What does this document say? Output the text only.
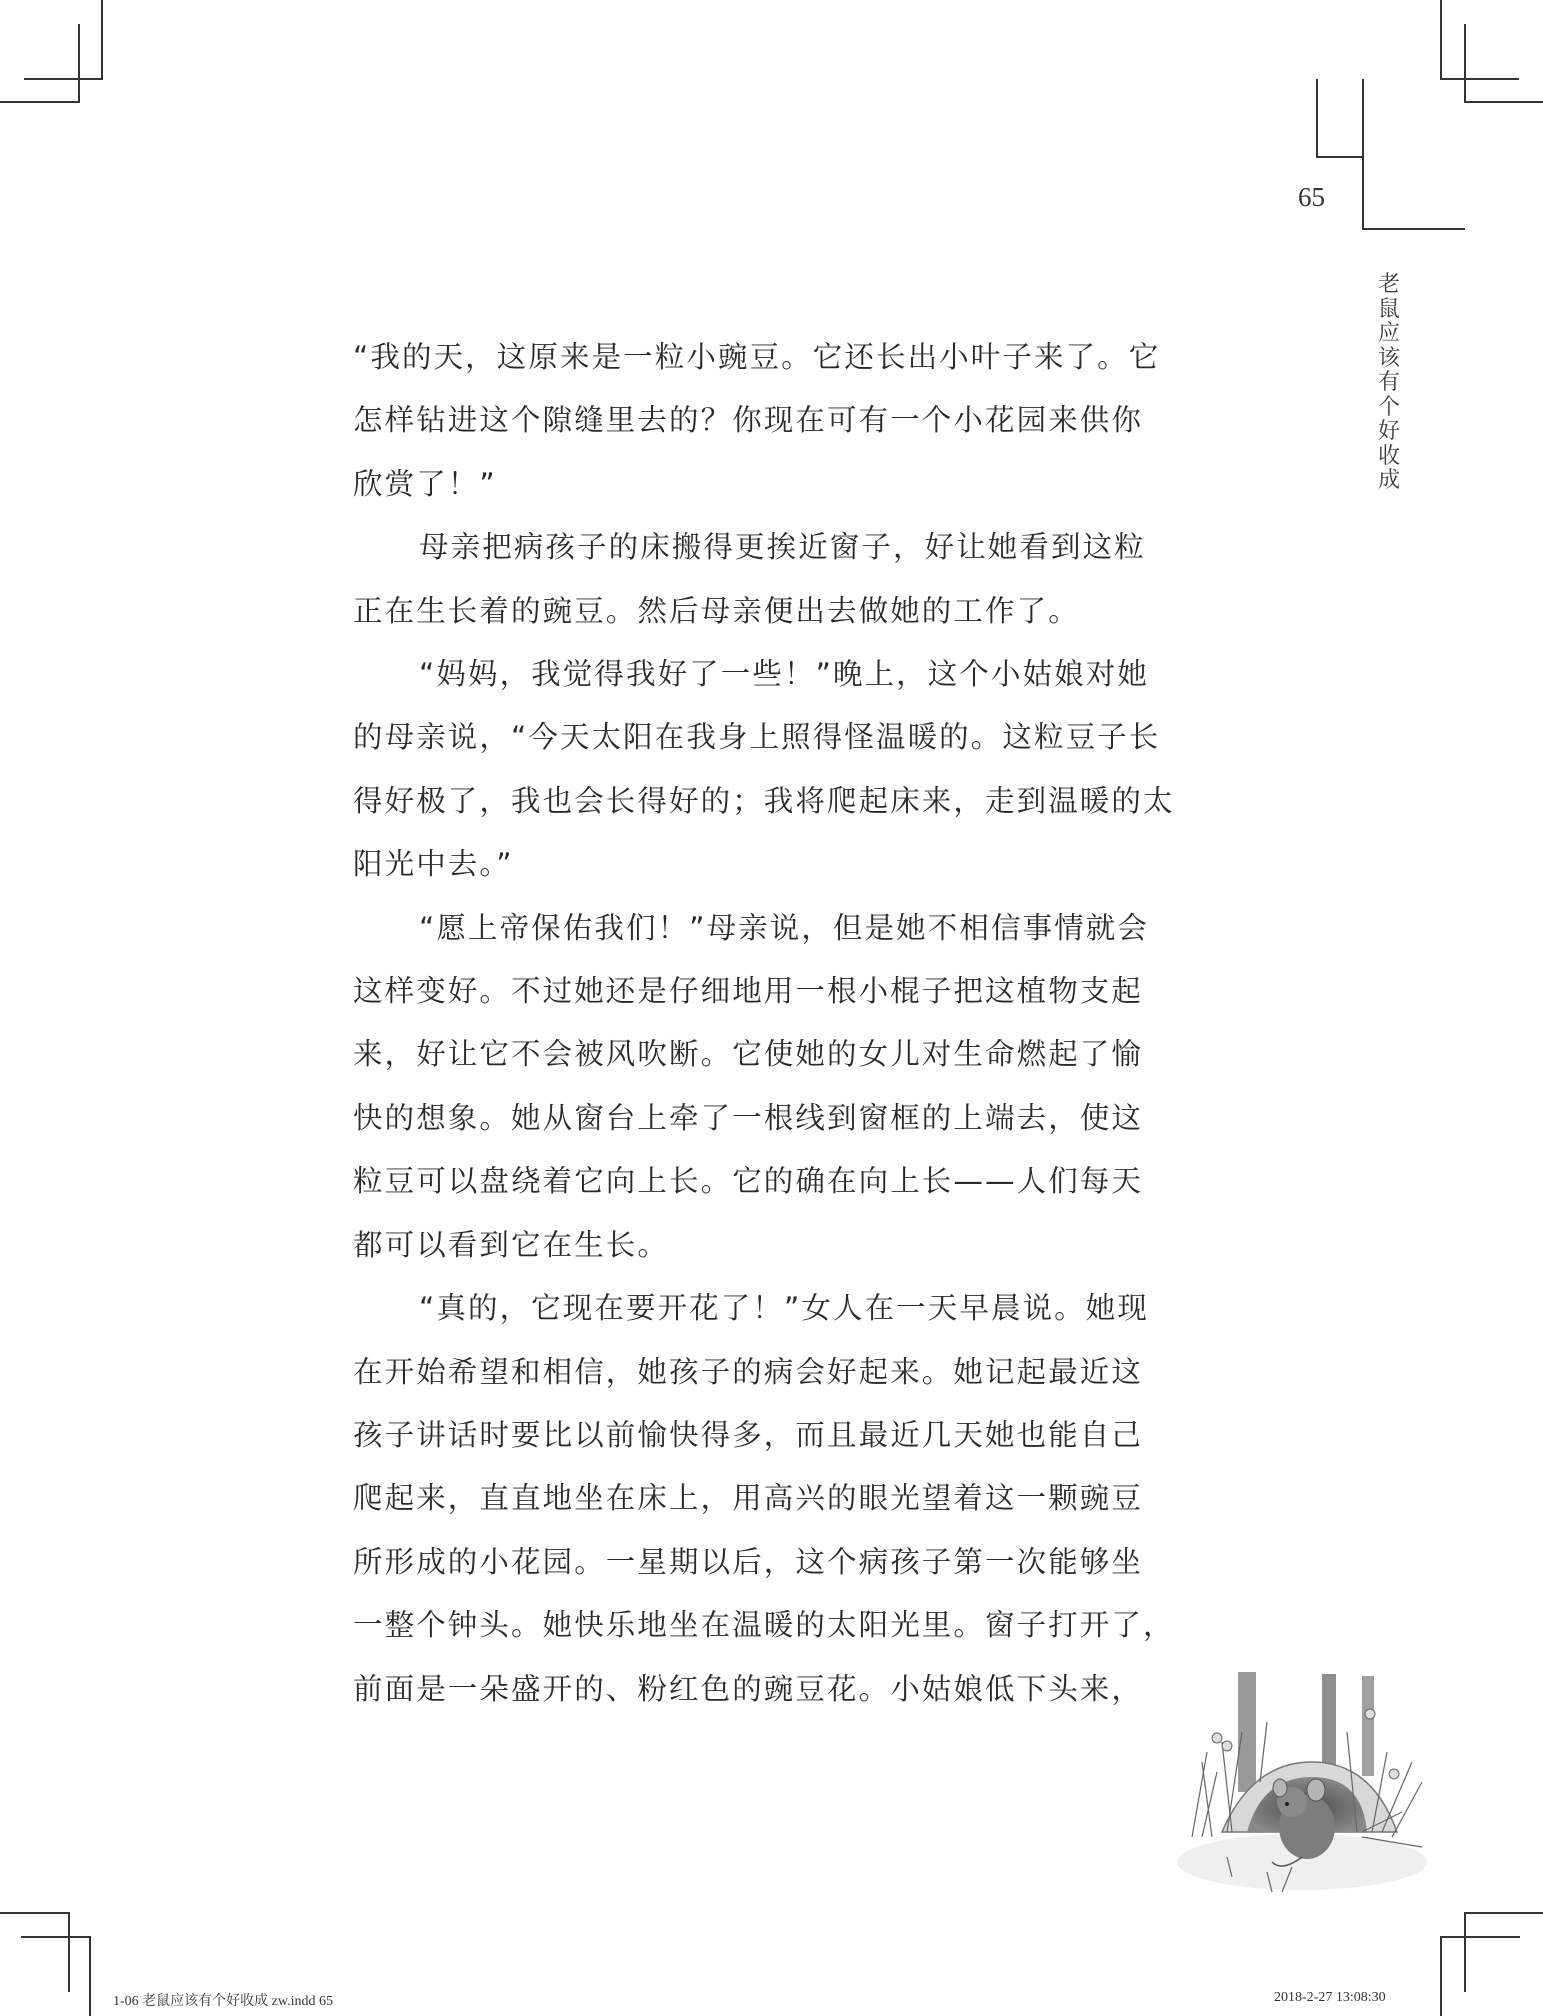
65
老
鼠
应
该
有
个
好
收
成

“我的天，这原来是一粒小豌豆。它还长出小叶子来了。它

怎样钻进这个隙缝里去的？你现在可有一个小花园来供你

欣赏了！”

母亲把病孩子的床搬得更挨近窗子，好让她看到这粒

正在生长着的豌豆。然后母亲便出去做她的工作了。

“妈妈，我觉得我好了一些！”晚上，这个小姑娘对她

的母亲说，“今天太阳在我身上照得怪温暖的。这粒豆子长

得好极了，我也会长得好的；我将爬起床来，走到温暖的太

阳光中去。”

“愿上帝保佑我们！”母亲说，但是她不相信事情就会

这样变好。不过她还是仔细地用一根小棍子把这植物支起

来，好让它不会被风吹断。它使她的女儿对生命燃起了愉

快的想象。她从窗台上牵了一根线到窗框的上端去，使这

粒豆可以盘绕着它向上长。它的确在向上长——人们每天

都可以看到它在生长。

“真的，它现在要开花了！”女人在一天早晨说。她现

在开始希望和相信，她孩子的病会好起来。她记起最近这

孩子讲话时要比以前愉快得多，而且最近几天她也能自己

爬起来，直直地坐在床上，用高兴的眼光望着这一颗豌豆

所形成的小花园。一星期以后，这个病孩子第一次能够坐

一整个钟头。她快乐地坐在温暖的太阳光里。窗子打开了，

前面是一朵盛开的、粉红色的豌豆花。小姑娘低下头来，

1-06 老鼠应该有个好收成 zw.indd 65	2018-2-27 13:08:30
